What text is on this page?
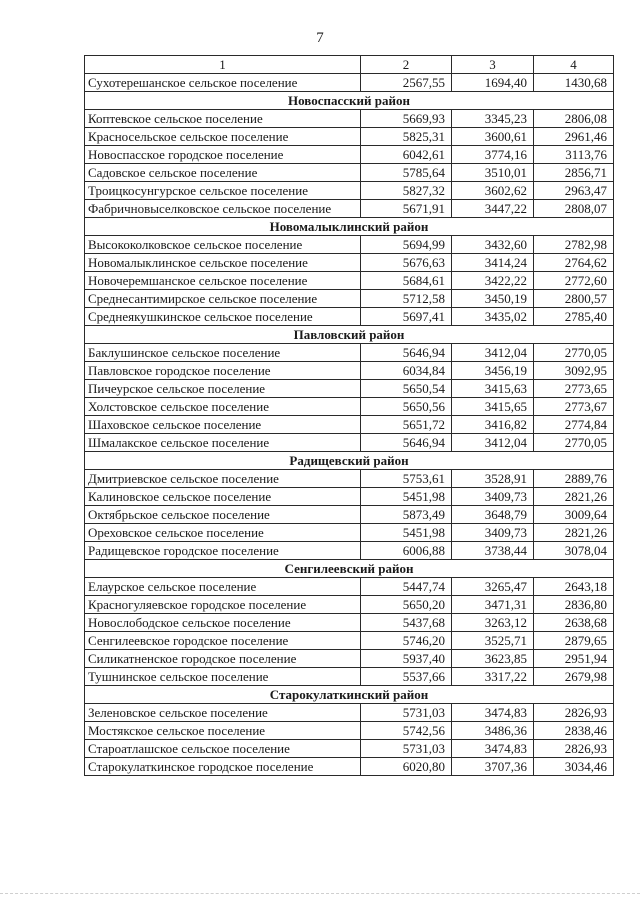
7
1	2	3	4
Сухотерешанское сельское поселение	2567,55	1694,40	1430,68
Новоспасский район			
Коптевское сельское поселение	5669,93	3345,23	2806,08
Красносельское сельское поселение	5825,31	3600,61	2961,46
Новоспасское городское поселение	6042,61	3774,16	3113,76
Садовское сельское поселение	5785,64	3510,01	2856,71
Троицкосунгурское сельское поселение	5827,32	3602,62	2963,47
Фабричновыселковское сельское поселение	5671,91	3447,22	2808,07
Новомалыклинский район			
Высококолковское сельское поселение	5694,99	3432,60	2782,98
Новомалыклинское сельское поселение	5676,63	3414,24	2764,62
Новочеремшанское сельское поселение	5684,61	3422,22	2772,60
Среднесантимирское сельское поселение	5712,58	3450,19	2800,57
Среднеякушкинское сельское поселение	5697,41	3435,02	2785,40
Павловский район			
Баклушинское сельское поселение	5646,94	3412,04	2770,05
Павловское городское поселение	6034,84	3456,19	3092,95
Пичеурское сельское поселение	5650,54	3415,63	2773,65
Холстовское сельское поселение	5650,56	3415,65	2773,67
Шаховское сельское поселение	5651,72	3416,82	2774,84
Шмалакское сельское поселение	5646,94	3412,04	2770,05
Радищевский район			
Дмитриевское сельское поселение	5753,61	3528,91	2889,76
Калиновское сельское поселение	5451,98	3409,73	2821,26
Октябрьское сельское поселение	5873,49	3648,79	3009,64
Ореховское сельское поселение	5451,98	3409,73	2821,26
Радищевское городское поселение	6006,88	3738,44	3078,04
Сенгилеевский район			
Елаурское сельское поселение	5447,74	3265,47	2643,18
Красногуляевское городское поселение	5650,20	3471,31	2836,80
Новослободское сельское поселение	5437,68	3263,12	2638,68
Сенгилеевское городское поселение	5746,20	3525,71	2879,65
Силикатненское городское поселение	5937,40	3623,85	2951,94
Тушнинское сельское поселение	5537,66	3317,22	2679,98
Старокулаткинский район			
Зеленовское сельское поселение	5731,03	3474,83	2826,93
Мостякское сельское поселение	5742,56	3486,36	2838,46
Староатлашское сельское поселение	5731,03	3474,83	2826,93
Старокулаткинское городское поселение	6020,80	3707,36	3034,46
